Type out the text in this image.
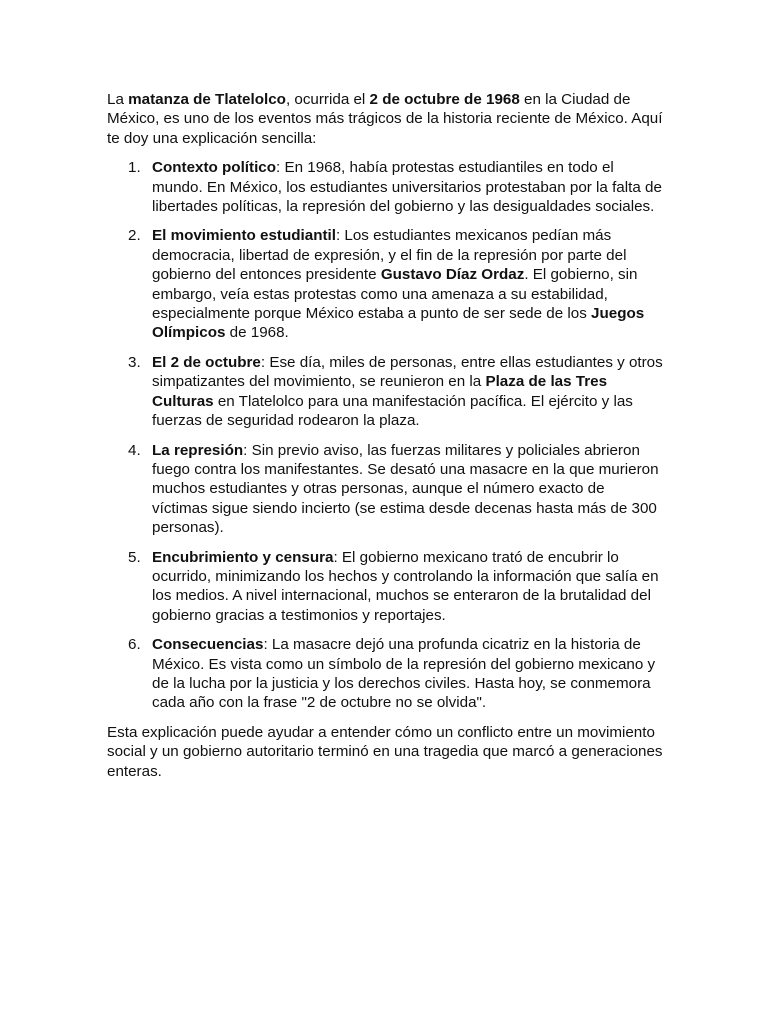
La matanza de Tlatelolco, ocurrida el 2 de octubre de 1968 en la Ciudad de México, es uno de los eventos más trágicos de la historia reciente de México. Aquí te doy una explicación sencilla:

1. Contexto político: En 1968, había protestas estudiantiles en todo el mundo. En México, los estudiantes universitarios protestaban por la falta de libertades políticas, la represión del gobierno y las desigualdades sociales.
2. El movimiento estudiantil: Los estudiantes mexicanos pedían más democracia, libertad de expresión, y el fin de la represión por parte del gobierno del entonces presidente Gustavo Díaz Ordaz. El gobierno, sin embargo, veía estas protestas como una amenaza a su estabilidad, especialmente porque México estaba a punto de ser sede de los Juegos Olímpicos de 1968.
3. El 2 de octubre: Ese día, miles de personas, entre ellas estudiantes y otros simpatizantes del movimiento, se reunieron en la Plaza de las Tres Culturas en Tlatelolco para una manifestación pacífica. El ejército y las fuerzas de seguridad rodearon la plaza.
4. La represión: Sin previo aviso, las fuerzas militares y policiales abrieron fuego contra los manifestantes. Se desató una masacre en la que murieron muchos estudiantes y otras personas, aunque el número exacto de víctimas sigue siendo incierto (se estima desde decenas hasta más de 300 personas).
5. Encubrimiento y censura: El gobierno mexicano trató de encubrir lo ocurrido, minimizando los hechos y controlando la información que salía en los medios. A nivel internacional, muchos se enteraron de la brutalidad del gobierno gracias a testimonios y reportajes.
6. Consecuencias: La masacre dejó una profunda cicatriz en la historia de México. Es vista como un símbolo de la represión del gobierno mexicano y de la lucha por la justicia y los derechos civiles. Hasta hoy, se conmemora cada año con la frase "2 de octubre no se olvida".

Esta explicación puede ayudar a entender cómo un conflicto entre un movimiento social y un gobierno autoritario terminó en una tragedia que marcó a generaciones enteras.
